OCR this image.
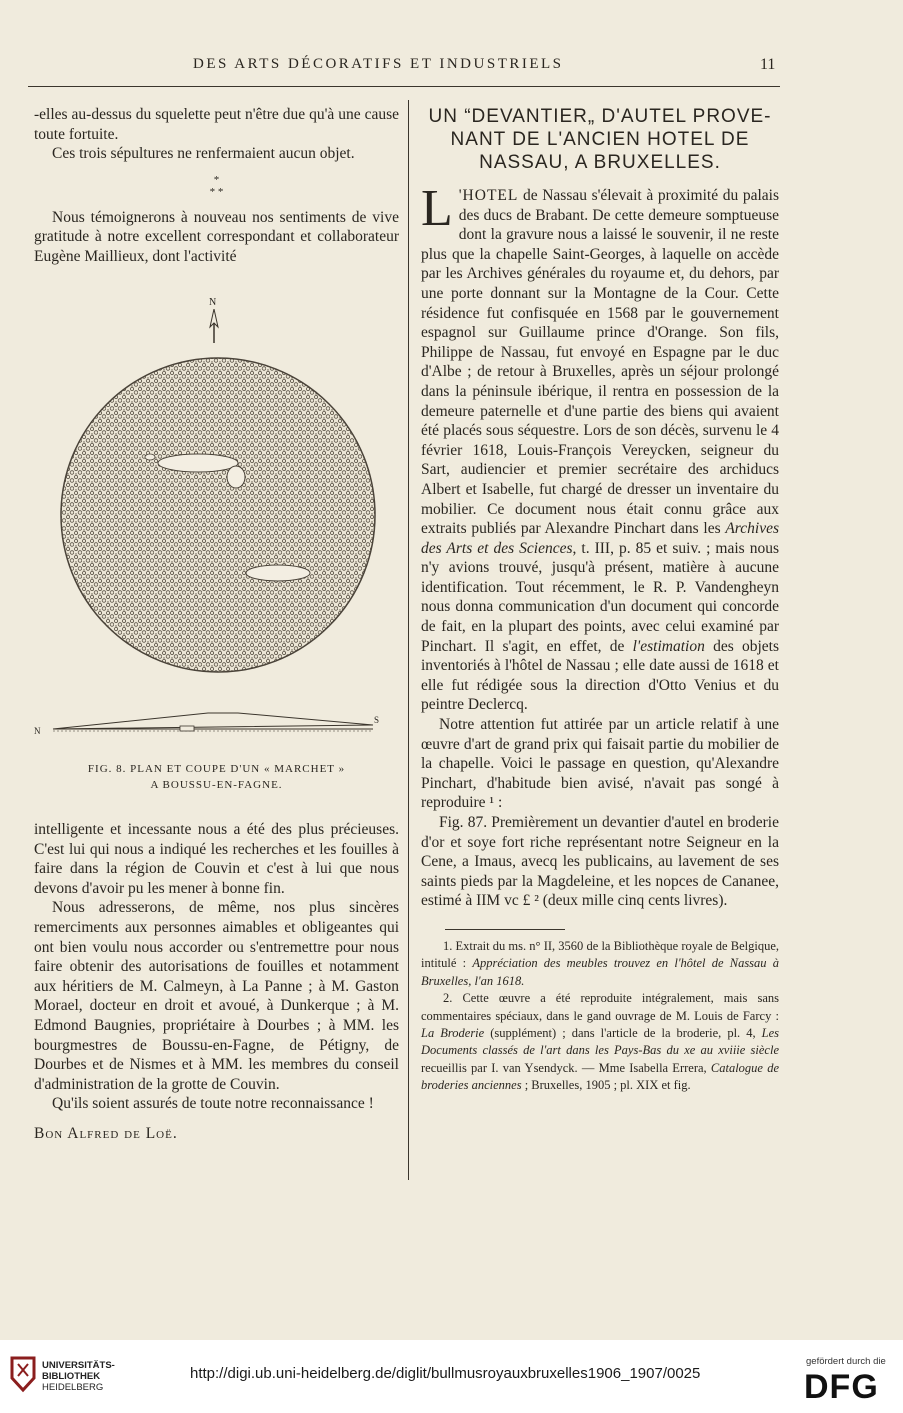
DES ARTS DÉCORATIFS ET INDUSTRIELS	11

-elles au-dessus du squelette peut n'être due qu'à une cause toute fortuite.

Ces trois sépultures ne renfermaient aucun objet.

*
* *

Nous témoignerons à nouveau nos sentiments de vive gratitude à notre excellent correspondant et collaborateur Eugène Maillieux, dont l'activité

N
N
S
FIG. 8. PLAN ET COUPE D'UN « MARCHET »
A BOUSSU-EN-FAGNE.

intelligente et incessante nous a été des plus précieuses. C'est lui qui nous a indiqué les recherches et les fouilles à faire dans la région de Couvin et c'est à lui que nous devons d'avoir pu les mener à bonne fin.

Nous adresserons, de même, nos plus sincères remerciments aux personnes aimables et obligeantes qui ont bien voulu nous accorder ou s'entremettre pour nous faire obtenir des autorisations de fouilles et notamment aux héritiers de M. Calmeyn, à La Panne ; à M. Gaston Morael, docteur en droit et avoué, à Dunkerque ; à M. Edmond Baugnies, propriétaire à Dourbes ; à MM. les bourgmestres de Boussu-en-Fagne, de Pétigny, de Dourbes et de Nismes et à MM. les membres du conseil d'administration de la grotte de Couvin.

Qu'ils soient assurés de toute notre reconnaissance !

Bon Alfred de Loë.

UN “DEVANTIER„ D'AUTEL PROVE-
NANT DE L'ANCIEN HOTEL DE
NASSAU, A BRUXELLES.

L 'HOTEL de Nassau s'élevait à proximité du palais des ducs de Brabant. De cette demeure somptueuse dont la gravure nous a laissé le souvenir, il ne reste plus que la chapelle Saint-Georges, à laquelle on accède par les Archives générales du royaume et, du dehors, par une porte donnant sur la Montagne de la Cour. Cette résidence fut confisquée en 1568 par le gouvernement espagnol sur Guillaume prince d'Orange. Son fils, Philippe de Nassau, fut envoyé en Espagne par le duc d'Albe ; de retour à Bruxelles, après un séjour prolongé dans la péninsule ibérique, il rentra en possession de la demeure paternelle et d'une partie des biens qui avaient été placés sous séquestre. Lors de son décès, survenu le 4 février 1618, Louis-François Vereycken, seigneur du Sart, audiencier et premier secrétaire des archiducs Albert et Isabelle, fut chargé de dresser un inventaire du mobilier. Ce document nous était connu grâce aux extraits publiés par Alexandre Pinchart dans les Archives des Arts et des Sciences, t. III, p. 85 et suiv. ; mais nous n'y avions trouvé, jusqu'à présent, matière à aucune identification. Tout récemment, le R. P. Vandengheyn nous donna communication d'un document qui concorde de fait, en la plupart des points, avec celui examiné par Pinchart. Il s'agit, en effet, de l'estimation des objets inventoriés à l'hôtel de Nassau ; elle date aussi de 1618 et elle fut rédigée sous la direction d'Otto Venius et du peintre Declercq.

Notre attention fut attirée par un article relatif à une œuvre d'art de grand prix qui faisait partie du mobilier de la chapelle. Voici le passage en question, qu'Alexandre Pinchart, d'habitude bien avisé, n'avait pas songé à reproduire ¹ :

Fig. 87. Premièrement un devantier d'autel en broderie d'or et soye fort riche représentant notre Seigneur en la Cene, a Imaus, avecq les publicains, au lavement de ses saints pieds par la Magdeleine, et les nopces de Cananee, estimé à IIM vc £ ² (deux mille cinq cents livres).

1. Extrait du ms. n° II, 3560 de la Bibliothèque royale de Belgique, intitulé : Appréciation des meubles trouvez en l'hôtel de Nassau à Bruxelles, l'an 1618.

2. Cette œuvre a été reproduite intégralement, mais sans commentaires spéciaux, dans le gand ouvrage de M. Louis de Farcy : La Broderie (supplément) ; dans l'article de la broderie, pl. 4, Les Documents classés de l'art dans les Pays-Bas du xe au xviiie siècle recueillis par I. van Ysendyck. — Mme Isabella Errera, Catalogue de broderies anciennes ; Bruxelles, 1905 ; pl. XIX et fig.

UNIVERSITÄTS-
BIBLIOTHEK
HEIDELBERG
http://digi.ub.uni-heidelberg.de/diglit/bullmusroyauxbruxelles1906_1907/0025
gefördert durch die
DFG
